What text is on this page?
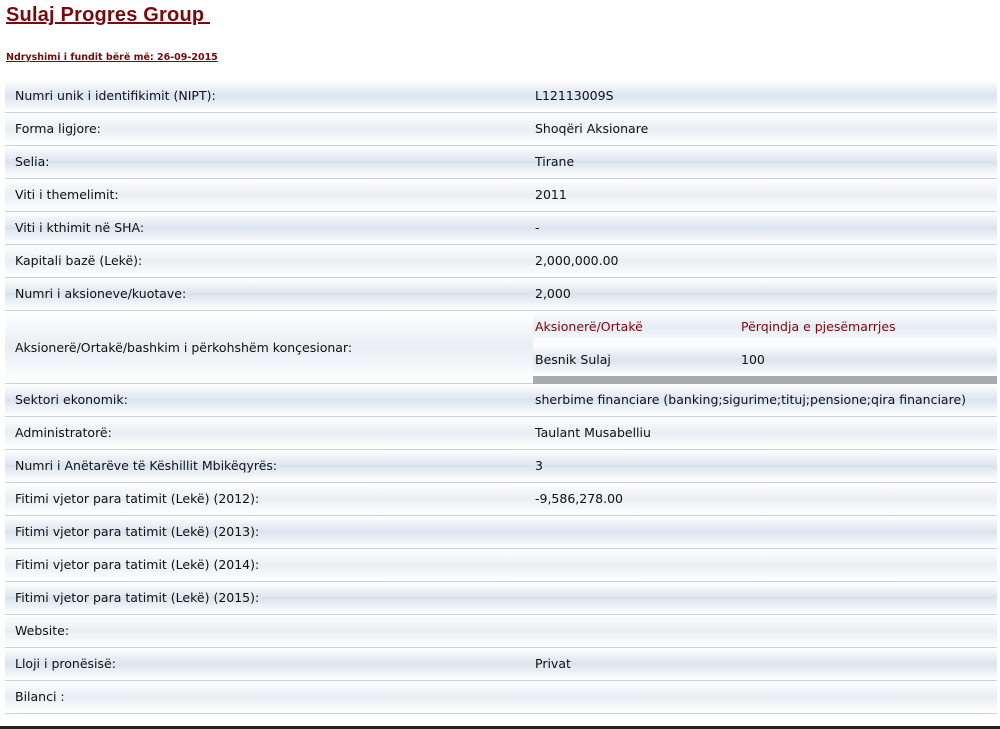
Sulaj Progres Group
Ndryshimi i fundit bërë më: 26-09-2015
Numri unik i identifikimit (NIPT):	L12113009S
Forma ligjore:	Shoqëri Aksionare
Selia:	Tirane
Viti i themelimit:	2011
Viti i kthimit në SHA:	-
Kapitali bazë (Lekë):	2,000,000.00
Numri i aksioneve/kuotave:	2,000
Aksionerë/Ortakë/bashkim i përkohshëm konçesionar:
Aksionerë/Ortakë	Përqindja e pjesëmarrjes
Besnik Sulaj	100
Sektori ekonomik:	sherbime financiare (banking;sigurime;tituj;pensione;qira financiare)
Administratorë:	Taulant Musabelliu
Numri i Anëtarëve të Këshillit Mbikëqyrës:	3
Fitimi vjetor para tatimit (Lekë) (2012):	-9,586,278.00
Fitimi vjetor para tatimit (Lekë) (2013):
Fitimi vjetor para tatimit (Lekë) (2014):
Fitimi vjetor para tatimit (Lekë) (2015):
Website:
Lloji i pronësisë:	Privat
Bilanci :
